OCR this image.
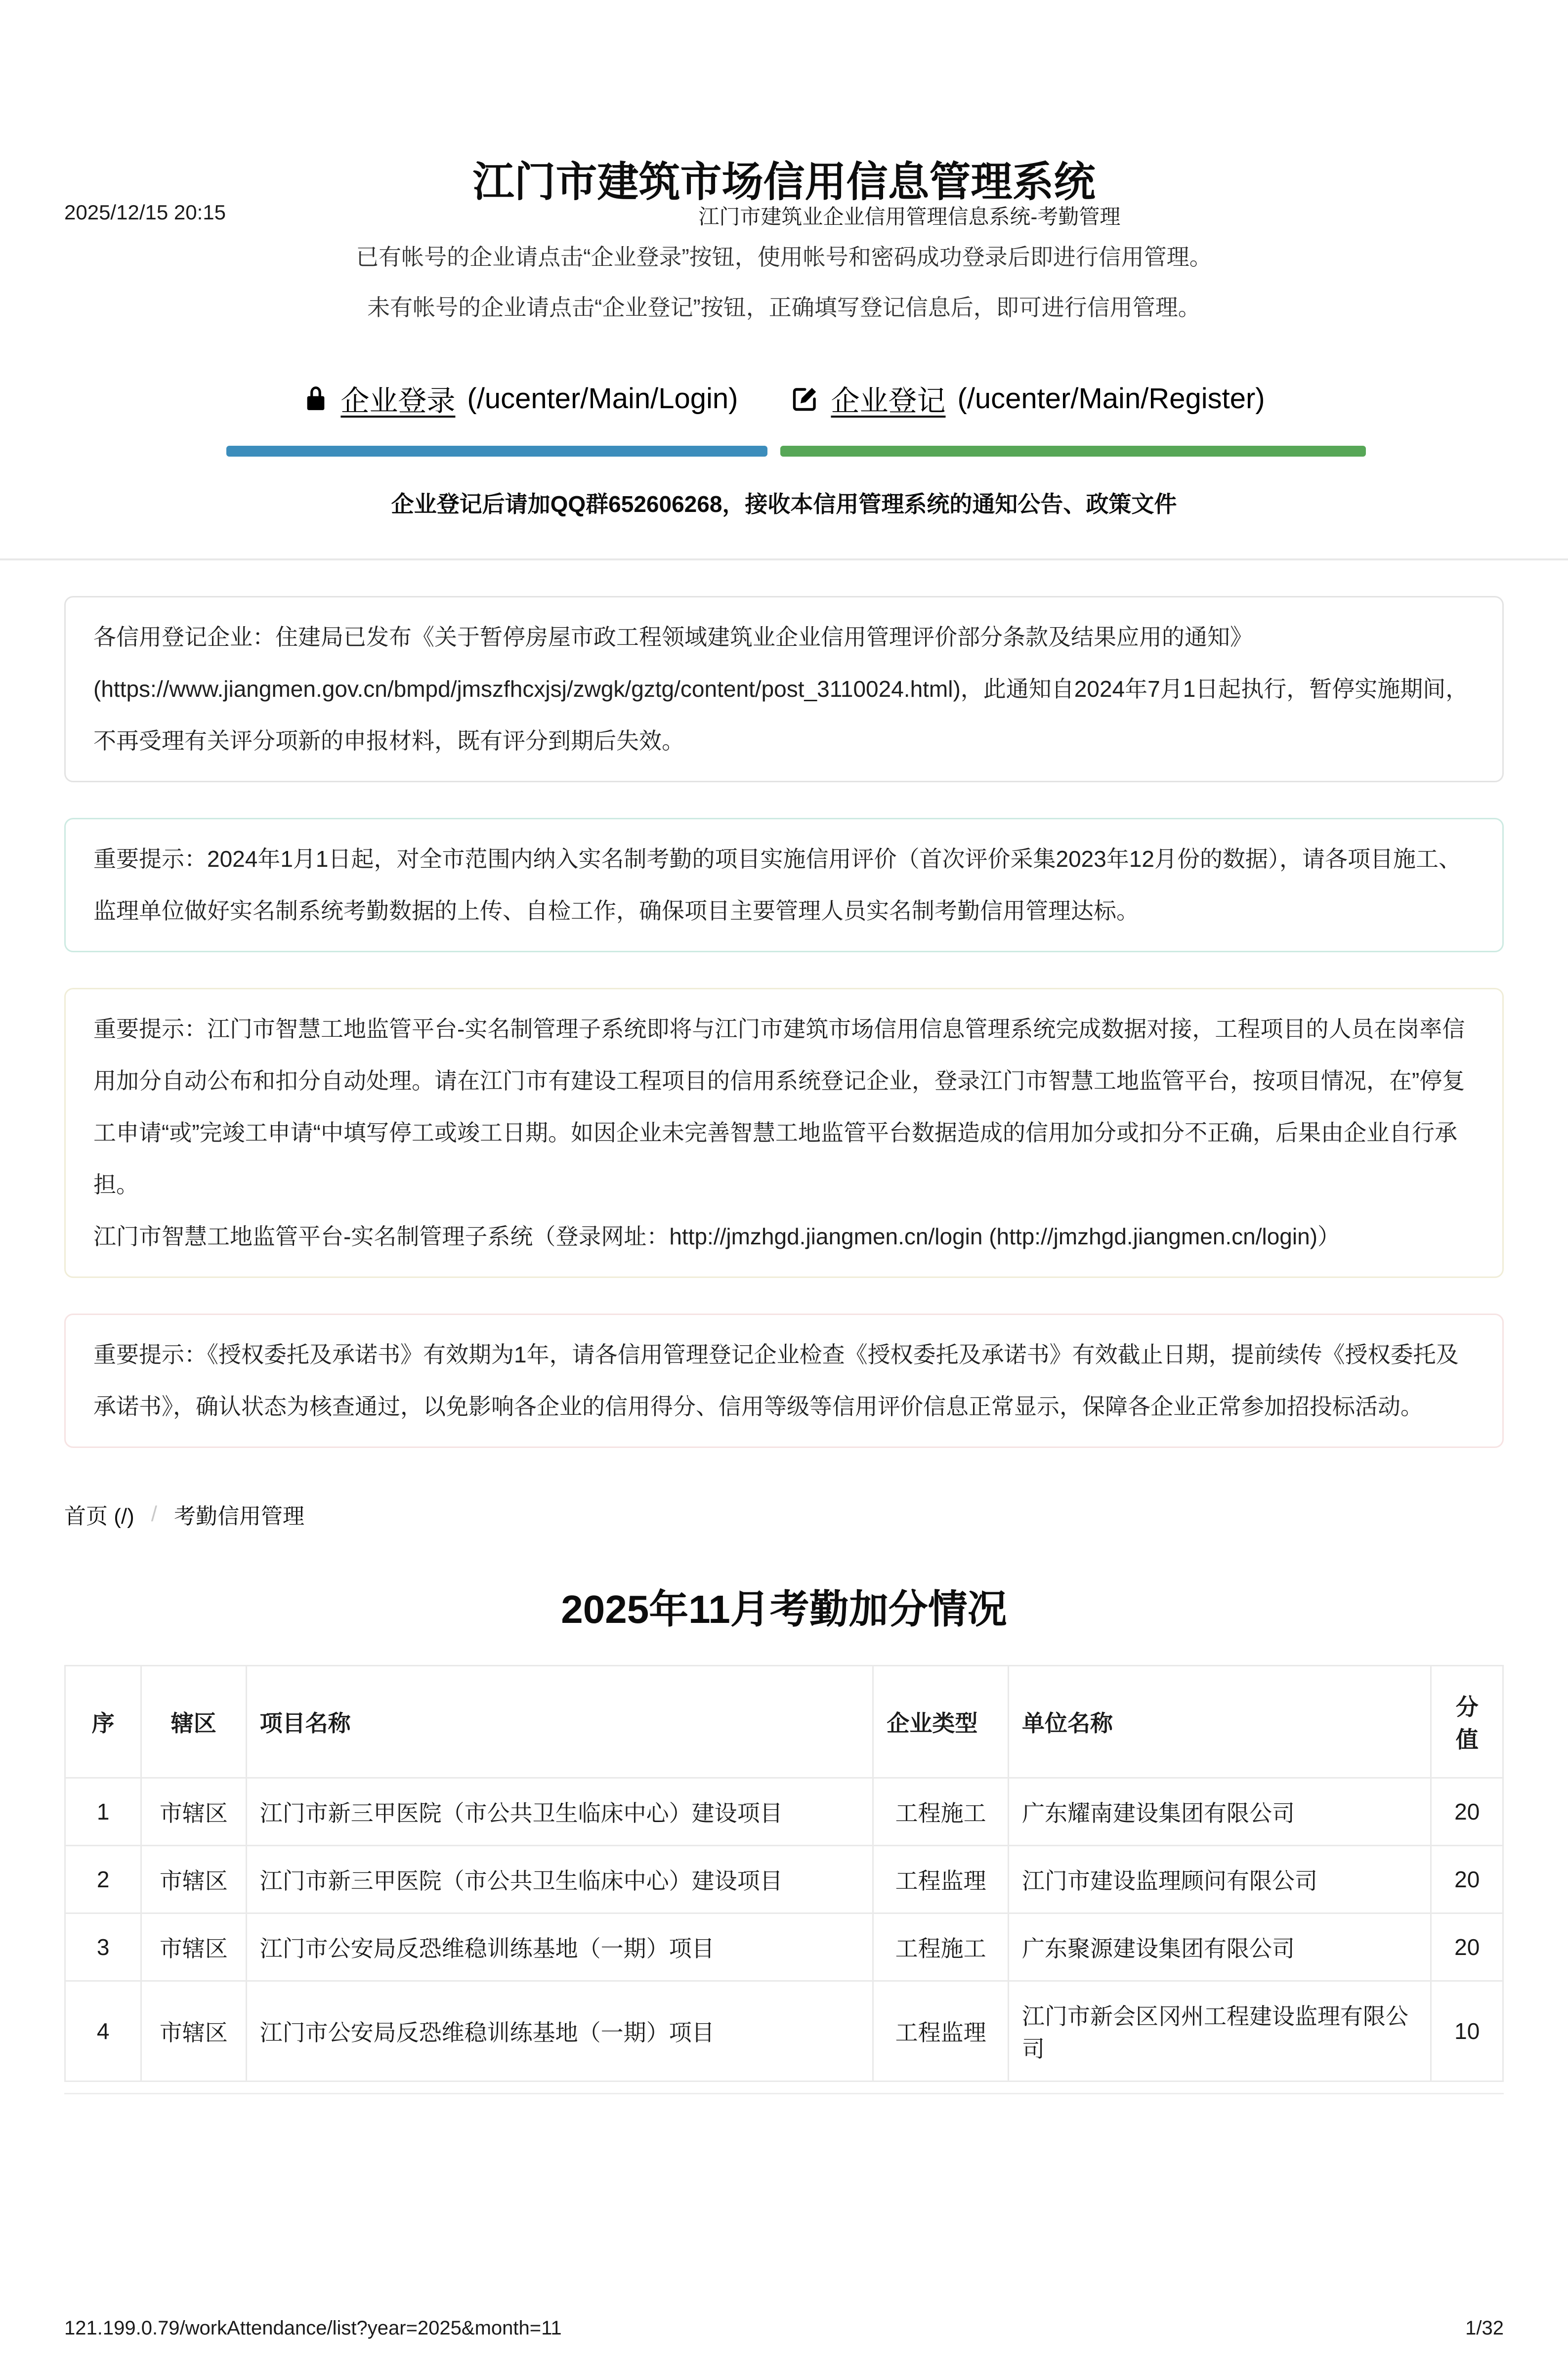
2025/12/15 20:15	江门市建筑业企业信用管理信息系统-考勤管理
江门市建筑市场信用信息管理系统

已有帐号的企业请点击“企业登录”按钮，使用帐号和密码成功登录后即进行信用管理。

未有帐号的企业请点击“企业登记”按钮，正确填写登记信息后，即可进行信用管理。

企业登录 (/ucenter/Main/Login)	企业登记 (/ucenter/Main/Register)
企业登记后请加QQ群652606268，接收本信用管理系统的通知公告、政策文件

各信用登记企业：住建局已发布《关于暂停房屋市政工程领域建筑业企业信用管理评价部分条款及结果应用的通知》(https://www.jiangmen.gov.cn/bmpd/jmszfhcxjsj/zwgk/gztg/content/post_3110024.html)，此通知自2024年7月1日起执行，暂停实施期间，不再受理有关评分项新的申报材料，既有评分到期后失效。

重要提示：2024年1月1日起，对全市范围内纳入实名制考勤的项目实施信用评价（首次评价采集2023年12月份的数据），请各项目施工、监理单位做好实名制系统考勤数据的上传、自检工作，确保项目主要管理人员实名制考勤信用管理达标。

重要提示：江门市智慧工地监管平台-实名制管理子系统即将与江门市建筑市场信用信息管理系统完成数据对接，工程项目的人员在岗率信用加分自动公布和扣分自动处理。请在江门市有建设工程项目的信用系统登记企业，登录江门市智慧工地监管平台，按项目情况，在”停复工申请“或”完竣工申请“中填写停工或竣工日期。如因企业未完善智慧工地监管平台数据造成的信用加分或扣分不正确，后果由企业自行承担。

江门市智慧工地监管平台-实名制管理子系统（登录网址：http://jmzhgd.jiangmen.cn/login (http://jmzhgd.jiangmen.cn/login)）

重要提示：《授权委托及承诺书》有效期为1年，请各信用管理登记企业检查《授权委托及承诺书》有效截止日期，提前续传《授权委托及承诺书》，确认状态为核查通过，以免影响各企业的信用得分、信用等级等信用评价信息正常显示，保障各企业正常参加招投标活动。

首页 (/) / 考勤信用管理
2025年11月考勤加分情况
序	辖区	项目名称	企业类型	单位名称	分值
1	市辖区	江门市新三甲医院（市公共卫生临床中心）建设项目	工程施工	广东耀南建设集团有限公司	20
2	市辖区	江门市新三甲医院（市公共卫生临床中心）建设项目	工程监理	江门市建设监理顾问有限公司	20
3	市辖区	江门市公安局反恐维稳训练基地（一期）项目	工程施工	广东聚源建设集团有限公司	20
4	市辖区	江门市公安局反恐维稳训练基地（一期）项目	工程监理	江门市新会区冈州工程建设监理有限公司	10
121.199.0.79/workAttendance/list?year=2025&month=11	1/32
